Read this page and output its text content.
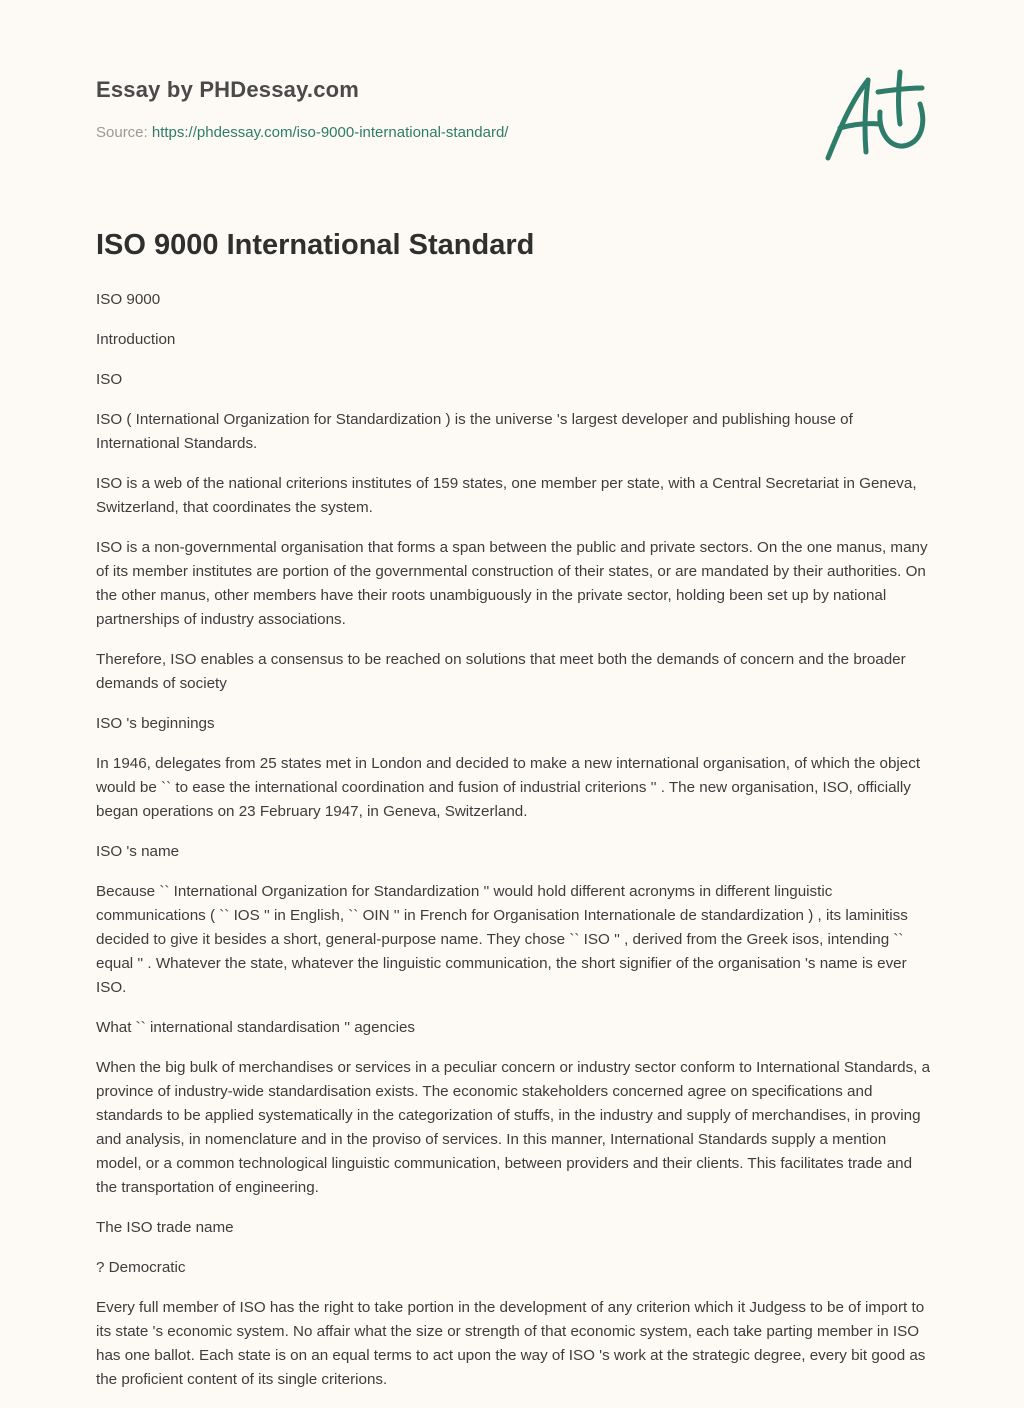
Essay by PHDessay.com
Source: https://phdessay.com/iso-9000-international-standard/
ISO 9000 International Standard

ISO 9000

Introduction

ISO

ISO ( International Organization for Standardization ) is the universe 's largest developer and publishing house of International Standards.

ISO is a web of the national criterions institutes of 159 states, one member per state, with a Central Secretariat in Geneva, Switzerland, that coordinates the system.

ISO is a non-governmental organisation that forms a span between the public and private sectors. On the one manus, many of its member institutes are portion of the governmental construction of their states, or are mandated by their authorities. On the other manus, other members have their roots unambiguously in the private sector, holding been set up by national partnerships of industry associations.

Therefore, ISO enables a consensus to be reached on solutions that meet both the demands of concern and the broader demands of society

ISO 's beginnings

In 1946, delegates from 25 states met in London and decided to make a new international organisation, of which the object would be `` to ease the international coordination and fusion of industrial criterions '' . The new organisation, ISO, officially began operations on 23 February 1947, in Geneva, Switzerland.

ISO 's name

Because `` International Organization for Standardization '' would hold different acronyms in different linguistic communications ( `` IOS '' in English, `` OIN '' in French for Organisation Internationale de standardization ) , its laminitiss decided to give it besides a short, general-purpose name. They chose `` ISO '' , derived from the Greek isos, intending `` equal '' . Whatever the state, whatever the linguistic communication, the short signifier of the organisation 's name is ever ISO.

What `` international standardisation '' agencies

When the big bulk of merchandises or services in a peculiar concern or industry sector conform to International Standards, a province of industry-wide standardisation exists. The economic stakeholders concerned agree on specifications and standards to be applied systematically in the categorization of stuffs, in the industry and supply of merchandises, in proving and analysis, in nomenclature and in the proviso of services. In this manner, International Standards supply a mention model, or a common technological linguistic communication, between providers and their clients. This facilitates trade and the transportation of engineering.

The ISO trade name

? Democratic

Every full member of ISO has the right to take portion in the development of any criterion which it Judgess to be of import to its state 's economic system. No affair what the size or strength of that economic system, each take parting member in ISO has one ballot. Each state is on an equal terms to act upon the way of ISO 's work at the strategic degree, every bit good as the proficient content of its single criterions.
